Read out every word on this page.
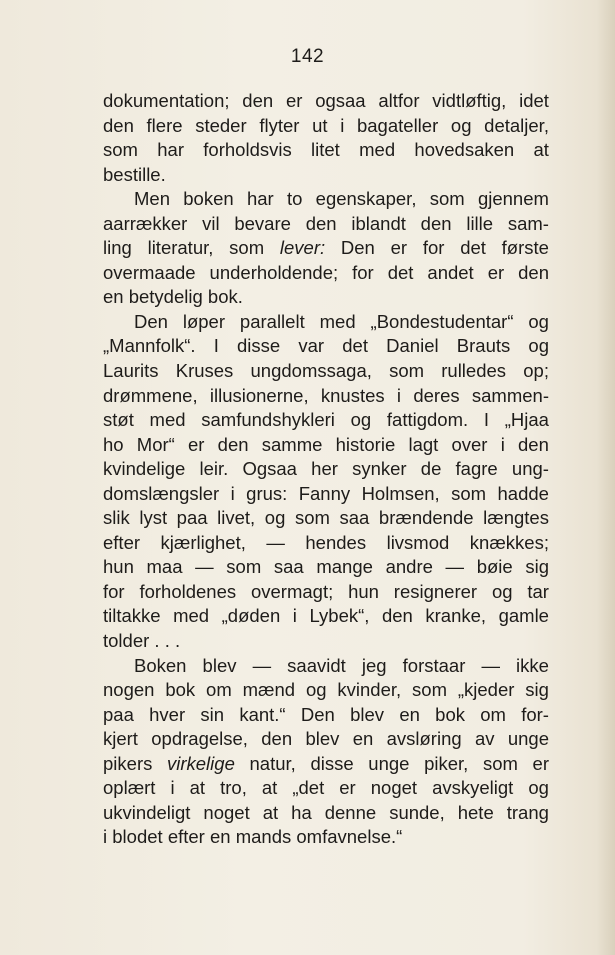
142
dokumentation; den er ogsaa altfor vidtløftig, idet
den flere steder flyter ut i bagateller og detaljer,
som har forholdsvis litet med hovedsaken at
bestille.
Men boken har to egenskaper, som gjennem
aarrækker vil bevare den iblandt den lille sam-
ling literatur, som lever: Den er for det første
overmaade underholdende; for det andet er den
en
betydelig
bok.
Den løper parallelt med „Bondestudentar“ og
„Mannfolk“. I disse var det Daniel Brauts og
Laurits Kruses ungdomssaga, som rulledes op;
drømmene, illusionerne, knustes i deres sammen-
støt med samfundshykleri og fattigdom. I „Hjaa
ho Mor“ er den samme historie lagt over i den
kvindelige leir. Ogsaa her synker de fagre ung-
domslængsler i grus: Fanny Holmsen, som hadde
slik lyst paa livet, og som saa brændende længtes
efter kjærlighet, — hendes livsmod knækkes;
hun maa — som saa mange andre — bøie sig
for forholdenes overmagt; hun resignerer og tar
tiltakke med „døden i Lybek“, den kranke, gamle
tolder
.
.
.
Boken blev — saavidt jeg forstaar — ikke
nogen bok om mænd og kvinder, som „kjeder sig
paa hver sin kant.“ Den blev en bok om for-
kjert opdragelse, den blev en avsløring av unge
pikers virkelige natur, disse unge piker, som er
oplært i at tro, at „det er noget avskyeligt og
ukvindeligt noget at ha denne sunde, hete trang
i
blodet
efter
en
mands
omfavnelse.“
